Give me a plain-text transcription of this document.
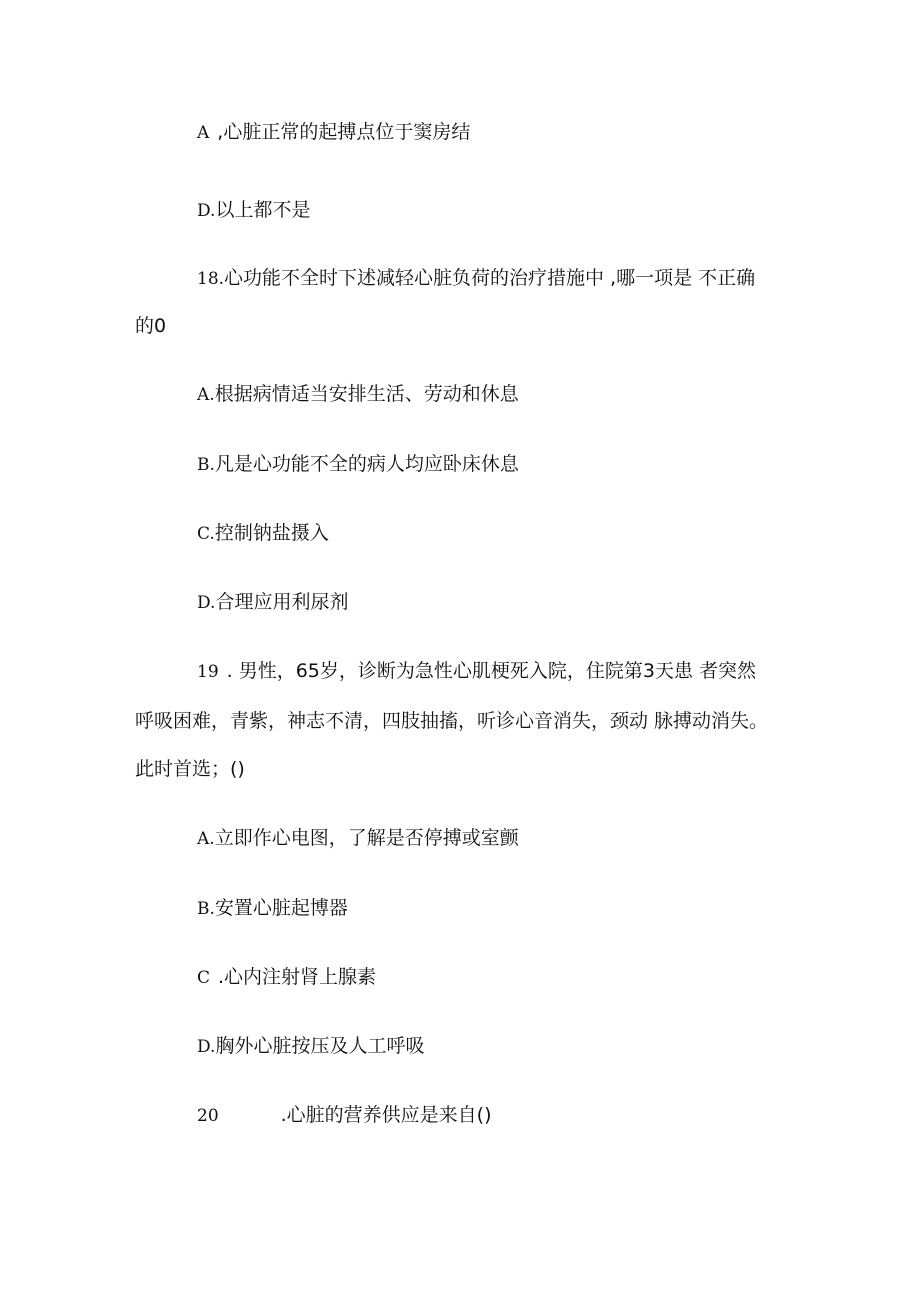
A ,心脏正常的起搏点位于窦房结
D.以上都不是
18.心功能不全时下述减轻心脏负荷的治疗措施中 ,哪一项是 不正确
的0
A.根据病情适当安排生活、劳动和休息
B.凡是心功能不全的病人均应卧床休息
C.控制钠盐摄入
D.合理应用利尿剂
19 . 男性，65岁，诊断为急性心肌梗死入院，住院第3天患 者突然
呼吸困难，青紫，神志不清，四肢抽搐，听诊心音消失，颈动 脉搏动消失。
此时首选；()
A.立即作心电图，了解是否停搏或室颤
B.安置心脏起博器
C .心内注射肾上腺素
D.胸外心脏按压及人工呼吸
20	.心脏的营养供应是来自()
